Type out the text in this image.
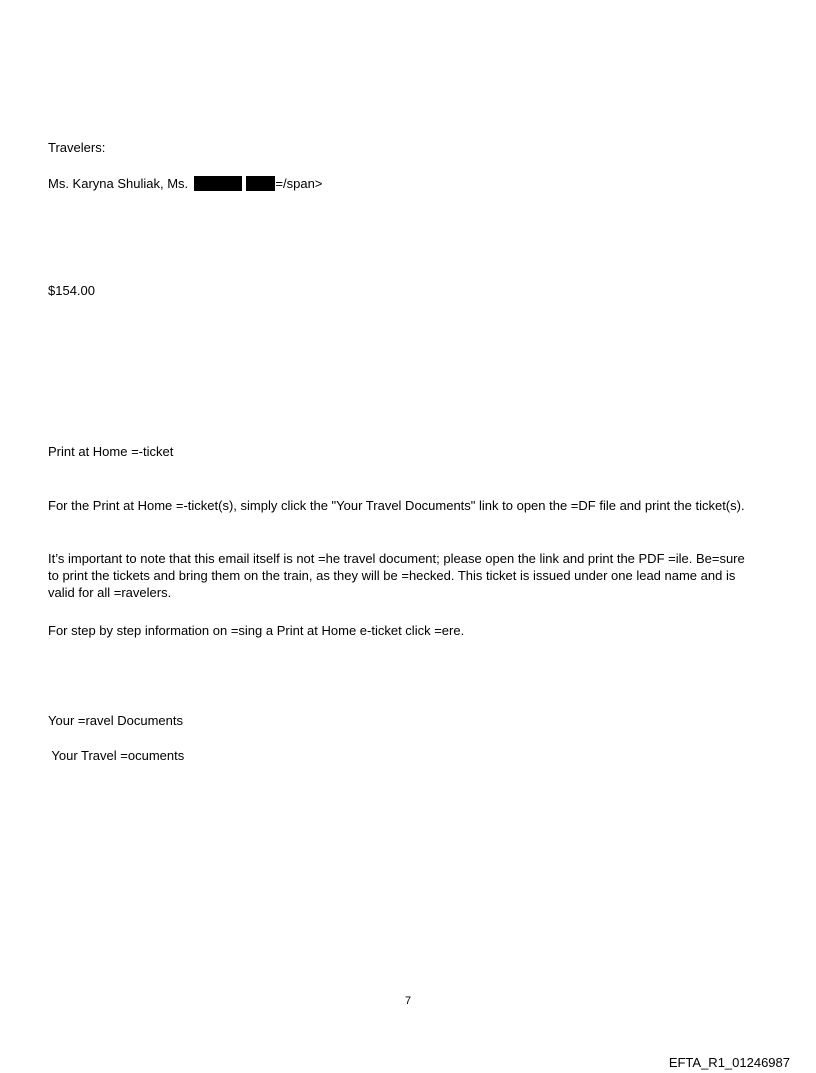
Travelers:
Ms. Karyna Shuliak, Ms.	=/span>
$154.00
Print at Home =-ticket
For the Print at Home =-ticket(s), simply click the "Your Travel Documents" link to open the =DF file and print the ticket(s).
It’s important to note that this email itself is not =he travel document; please open the link and print the PDF =ile. Be=sure to print the tickets and bring them on the train, as they will be =hecked. This ticket is issued under one lead name and is valid for all =ravelers.
For step by step information on =sing a Print at Home e-ticket click =ere.
Your =ravel Documents
Your Travel =ocuments
7
EFTA_R1_01246987
